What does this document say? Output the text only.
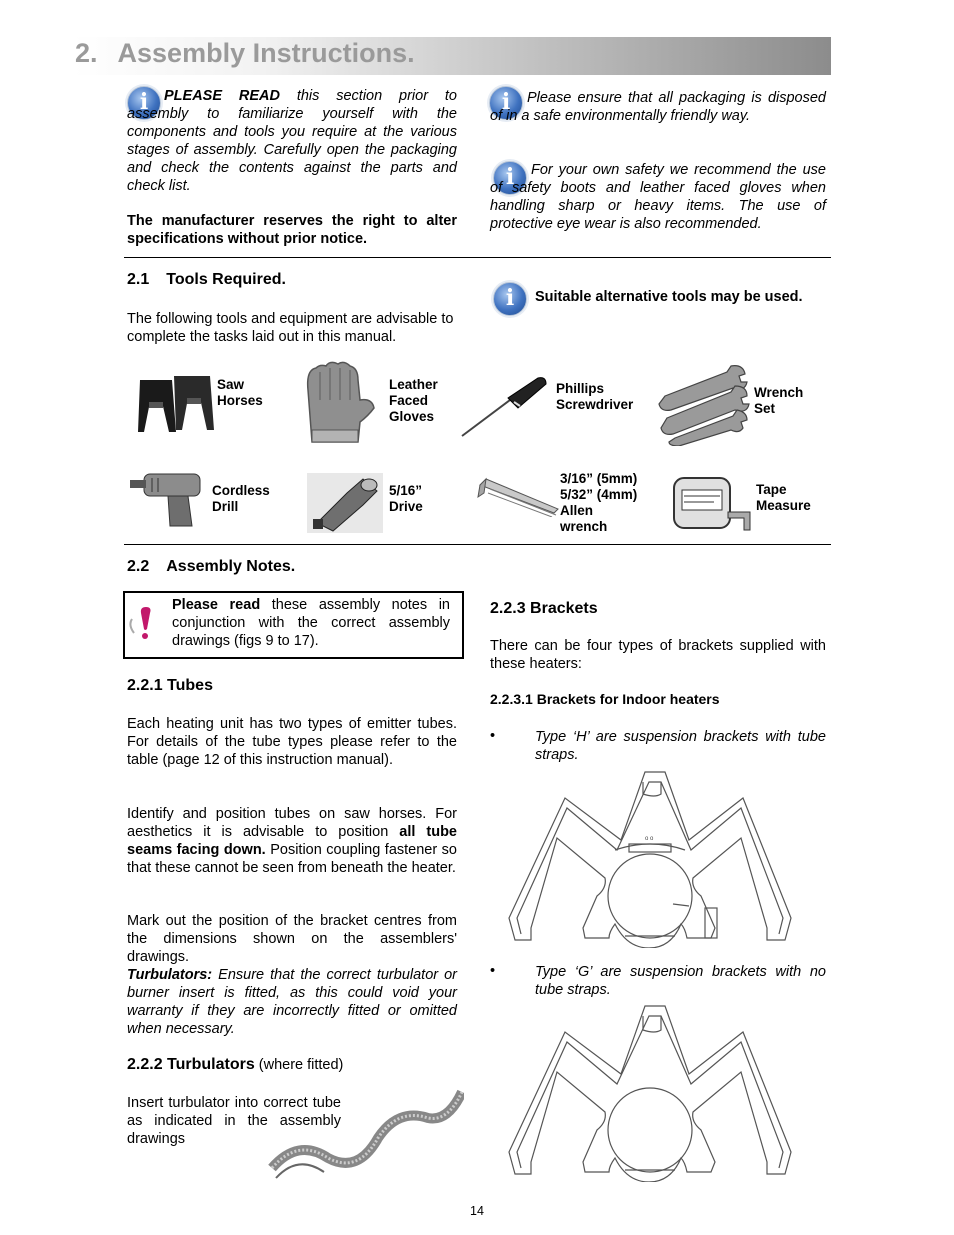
2. Assembly Instructions.
i
PLEASE READ this section prior to assembly to familiarize yourself with the components and tools you require at the various stages of assembly. Carefully open the packaging and check the contents against the parts and check list.
The manufacturer reserves the right to alter specifications without prior notice.
i
Please ensure that all packaging is disposed of in a safe environmentally friendly way.
i
For your own safety we recommend the use of safety boots and leather faced gloves when handling sharp or heavy items. The use of protective eye wear is also recommended.
2.1 Tools Required.
The following tools and equipment are advisable to complete the tasks laid out in this manual.
i
Suitable alternative tools may be used.
Saw
Horses
Leather
Faced
Gloves
Phillips
Screwdriver
Wrench
Set
Cordless
Drill
5/16”
Drive
3/16” (5mm)
5/32” (4mm)
Allen
wrench
Tape
Measure
2.2 Assembly Notes.
Please read these assembly notes in conjunction with the correct assembly drawings (figs 9 to 17).
2.2.1 Tubes
Each heating unit has two types of emitter tubes. For details of the tube types please refer to the table (page 12 of this instruction manual).
Identify and position tubes on saw horses. For aesthetics it is advisable to position all tube seams facing down. Position coupling fastener so that these cannot be seen from beneath the heater.
Mark out the position of the bracket centres from the dimensions shown on the assemblers' drawings.
Turbulators: Ensure that the correct turbulator or burner insert is fitted, as this could void your warranty if they are incorrectly fitted or omitted when necessary.
2.2.2 Turbulators (where fitted)
Insert turbulator into correct tube as indicated in the assembly drawings
2.2.3 Brackets
There can be four types of brackets supplied with these heaters:
2.2.3.1 Brackets for Indoor heaters
•	Type ‘H’ are suspension brackets with tube straps.
o o
•	Type ‘G’ are suspension brackets with no tube straps.
14
